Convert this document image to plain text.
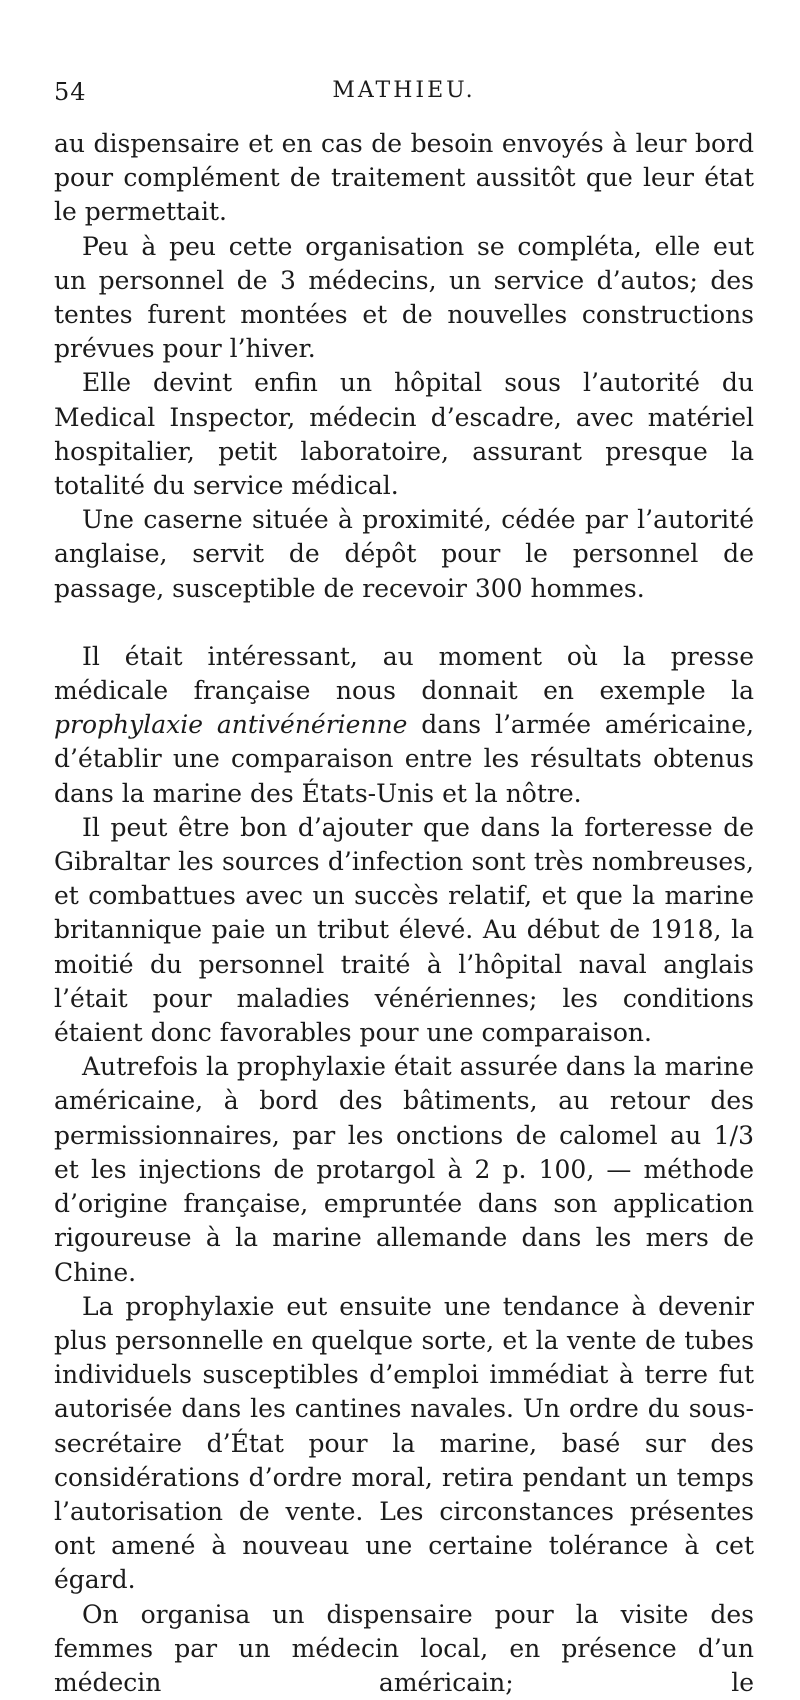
54	MATHIEU.

au dispensaire et en cas de besoin envoyés à leur bord pour complément de traitement aussitôt que leur état le permettait.

Peu à peu cette organisation se compléta, elle eut un personnel de 3 médecins, un service d’autos; des tentes furent montées et de nouvelles constructions prévues pour l’hiver.

Elle devint enfin un hôpital sous l’autorité du Medical Inspector, médecin d’escadre, avec matériel hospitalier, petit laboratoire, assurant presque la totalité du service médical.

Une caserne située à proximité, cédée par l’autorité anglaise, servit de dépôt pour le personnel de passage, susceptible de recevoir 300 hommes.

Il était intéressant, au moment où la presse médicale française nous donnait en exemple la prophylaxie antivénérienne dans l’armée américaine, d’établir une comparaison entre les résultats obtenus dans la marine des États-Unis et la nôtre.

Il peut être bon d’ajouter que dans la forteresse de Gibraltar les sources d’infection sont très nombreuses, et combattues avec un succès relatif, et que la marine britannique paie un tribut élevé. Au début de 1918, la moitié du personnel traité à l’hôpital naval anglais l’était pour maladies vénériennes; les conditions étaient donc favorables pour une comparaison.

Autrefois la prophylaxie était assurée dans la marine américaine, à bord des bâtiments, au retour des permissionnaires, par les onctions de calomel au 1/3 et les injections de protargol à 2 p. 100, — méthode d’origine française, empruntée dans son application rigoureuse à la marine allemande dans les mers de Chine.

La prophylaxie eut ensuite une tendance à devenir plus personnelle en quelque sorte, et la vente de tubes individuels susceptibles d’emploi immédiat à terre fut autorisée dans les cantines navales. Un ordre du sous-secrétaire d’État pour la marine, basé sur des considérations d’ordre moral, retira pendant un temps l’autorisation de vente. Les circonstances présentes ont amené à nouveau une certaine tolérance à cet égard.

On organisa un dispensaire pour la visite des femmes par un médecin local, en présence d’un médecin américain; le
